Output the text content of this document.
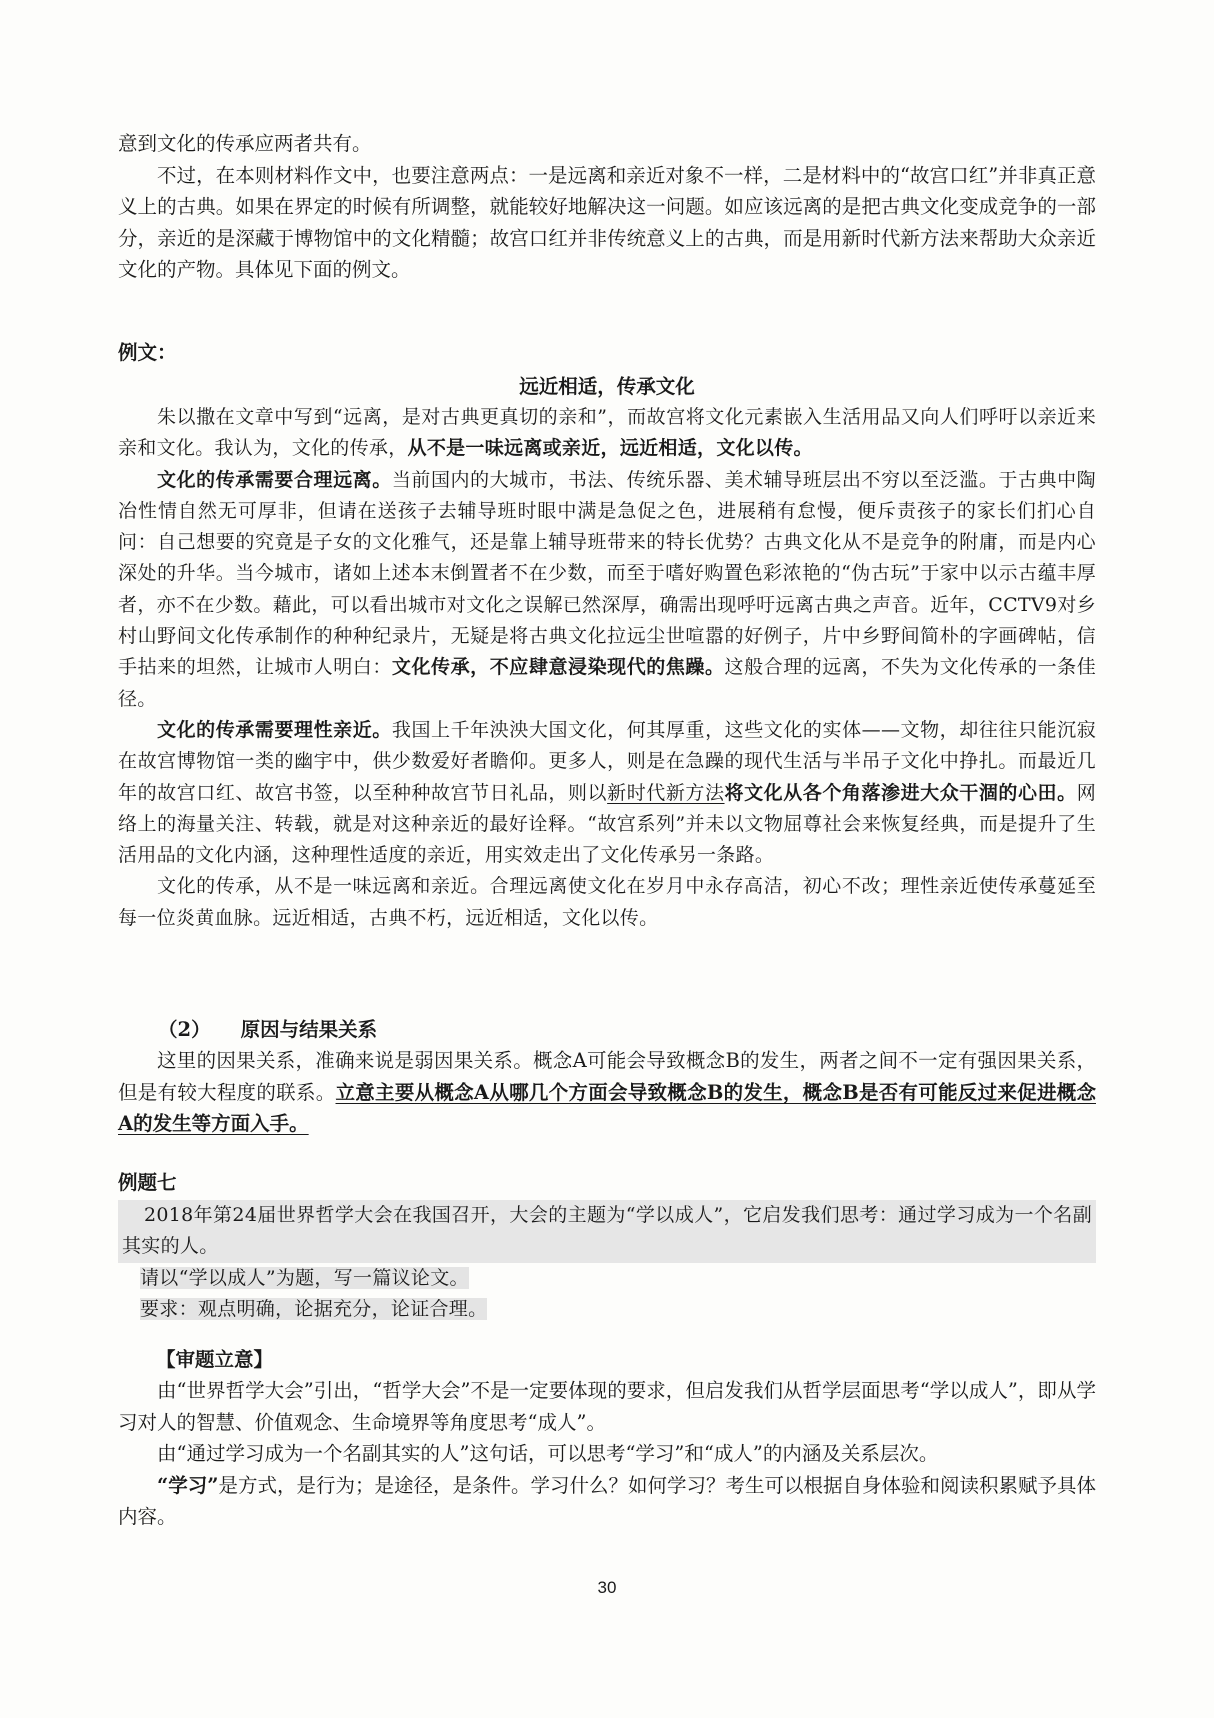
意到文化的传承应两者共有。

不过，在本则材料作文中，也要注意两点：一是远离和亲近对象不一样，二是材料中的“故宫口红”并非真正意义上的古典。如果在界定的时候有所调整，就能较好地解决这一问题。如应该远离的是把古典文化变成竞争的一部分，亲近的是深藏于博物馆中的文化精髓；故宫口红并非传统意义上的古典，而是用新时代新方法来帮助大众亲近文化的产物。具体见下面的例文。

例文：

远近相适，传承文化

朱以撒在文章中写到“远离，是对古典更真切的亲和”，而故宫将文化元素嵌入生活用品又向人们呼吁以亲近来亲和文化。我认为，文化的传承，从不是一味远离或亲近，远近相适，文化以传。

文化的传承需要合理远离。当前国内的大城市，书法、传统乐器、美术辅导班层出不穷以至泛滥。于古典中陶冶性情自然无可厚非，但请在送孩子去辅导班时眼中满是急促之色，进展稍有怠慢，便斥责孩子的家长们扪心自问：自己想要的究竟是子女的文化雅气，还是靠上辅导班带来的特长优势？古典文化从不是竞争的附庸，而是内心深处的升华。当今城市，诸如上述本末倒置者不在少数，而至于嗜好购置色彩浓艳的“伪古玩”于家中以示古蕴丰厚者，亦不在少数。藉此，可以看出城市对文化之误解已然深厚，确需出现呼吁远离古典之声音。近年，CCTV9对乡村山野间文化传承制作的种种纪录片，无疑是将古典文化拉远尘世喧嚣的好例子，片中乡野间简朴的字画碑帖，信手拈来的坦然，让城市人明白：文化传承，不应肆意浸染现代的焦躁。这般合理的远离，不失为文化传承的一条佳径。

文化的传承需要理性亲近。我国上千年泱泱大国文化，何其厚重，这些文化的实体——文物，却往往只能沉寂在故宫博物馆一类的幽宇中，供少数爱好者瞻仰。更多人，则是在急躁的现代生活与半吊子文化中挣扎。而最近几年的故宫口红、故宫书签，以至种种故宫节日礼品，则以新时代新方法将文化从各个角落渗进大众干涸的心田。网络上的海量关注、转载，就是对这种亲近的最好诠释。“故宫系列”并未以文物屈尊社会来恢复经典，而是提升了生活用品的文化内涵，这种理性适度的亲近，用实效走出了文化传承另一条路。

文化的传承，从不是一味远离和亲近。合理远离使文化在岁月中永存高洁，初心不改；理性亲近使传承蔓延至每一位炎黄血脉。远近相适，古典不朽，远近相适，文化以传。

（2） 原因与结果关系

这里的因果关系，准确来说是弱因果关系。概念A可能会导致概念B的发生，两者之间不一定有强因果关系，但是有较大程度的联系。立意主要从概念A从哪几个方面会导致概念B的发生，概念B是否有可能反过来促进概念A的发生等方面入手。

例题七

2018年第24届世界哲学大会在我国召开，大会的主题为“学以成人”，它启发我们思考：通过学习成为一个名副其实的人。

请以“学以成人”为题，写一篇议论文。

要求：观点明确，论据充分，论证合理。

【审题立意】

由“世界哲学大会”引出，“哲学大会”不是一定要体现的要求，但启发我们从哲学层面思考“学以成人”，即从学习对人的智慧、价值观念、生命境界等角度思考“成人”。

由“通过学习成为一个名副其实的人”这句话，可以思考“学习”和“成人”的内涵及关系层次。

“学习”是方式，是行为；是途径，是条件。学习什么？如何学习？考生可以根据自身体验和阅读积累赋予具体内容。

30
